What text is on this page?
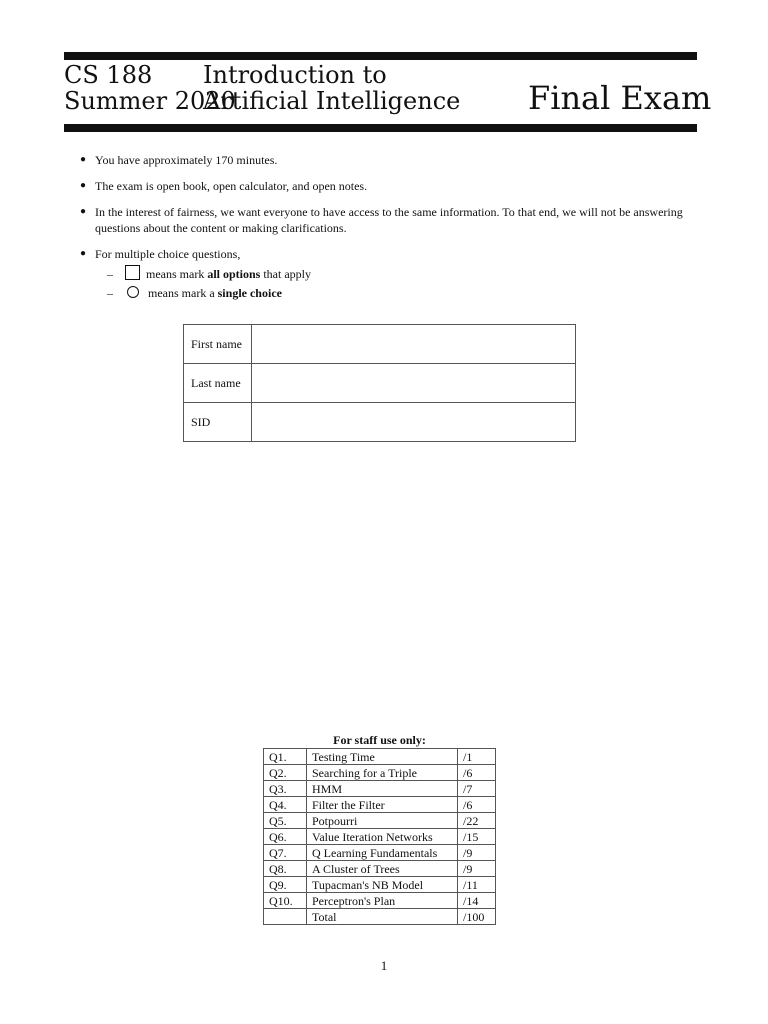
CS 188
Summer 2020
Introduction to
Artificial Intelligence Final Exam
● You have approximately 170 minutes.
● The exam is open book, open calculator, and open notes.
● In the interest of fairness, we want everyone to have access to the same information. To that end, we will not be answering questions about the content or making clarifications.
● For multiple choice questions,
–	means mark all options that apply
–	means mark a single choice
First name	
Last name	
SID	
For staff use only:
Q1.	Testing Time	/1
Q2.	Searching for a Triple	/6
Q3.	HMM	/7
Q4.	Filter the Filter	/6
Q5.	Potpourri	/22
Q6.	Value Iteration Networks	/15
Q7.	Q Learning Fundamentals	/9
Q8.	A Cluster of Trees	/9
Q9.	Tupacman's NB Model	/11
Q10.	Perceptron's Plan	/14
	Total	/100
1
